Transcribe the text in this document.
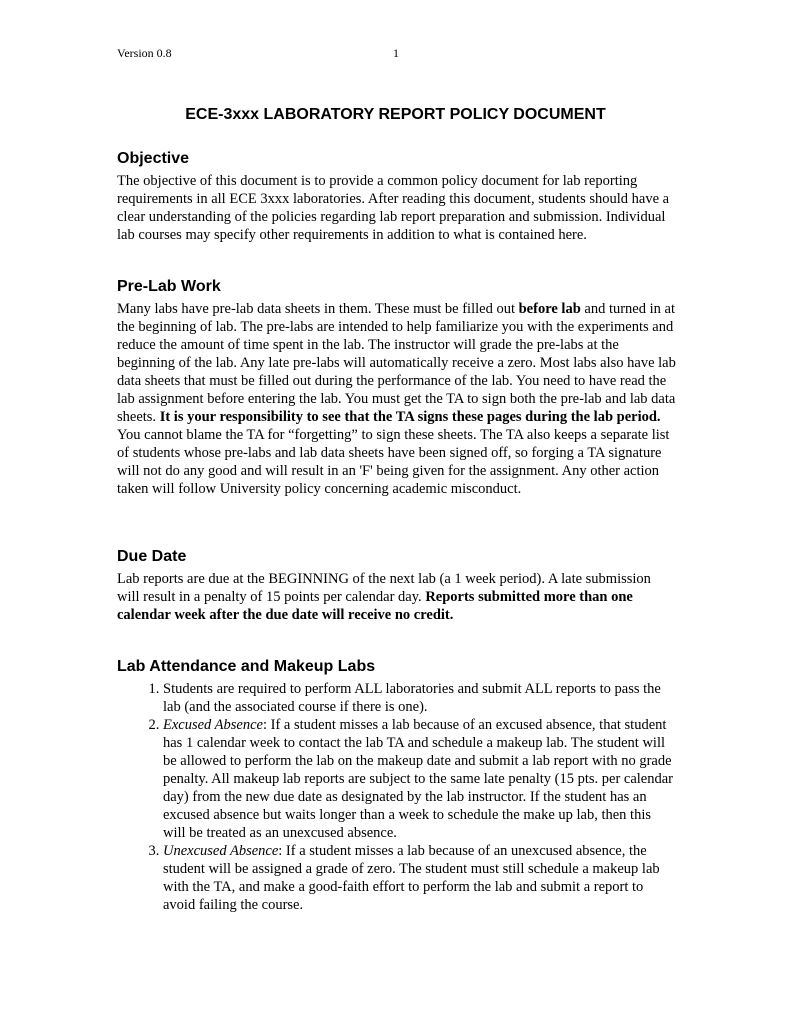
Version 0.8	1
ECE-3xxx LABORATORY REPORT POLICY DOCUMENT
Objective

The objective of this document is to provide a common policy document for lab reporting requirements in all ECE 3xxx laboratories. After reading this document, students should have a clear understanding of the policies regarding lab report preparation and submission. Individual lab courses may specify other requirements in addition to what is contained here.

Pre-Lab Work

Many labs have pre-lab data sheets in them. These must be filled out before lab and turned in at the beginning of lab. The pre-labs are intended to help familiarize you with the experiments and reduce the amount of time spent in the lab. The instructor will grade the pre-labs at the beginning of the lab. Any late pre-labs will automatically receive a zero. Most labs also have lab data sheets that must be filled out during the performance of the lab. You need to have read the lab assignment before entering the lab. You must get the TA to sign both the pre-lab and lab data sheets. It is your responsibility to see that the TA signs these pages during the lab period. You cannot blame the TA for “forgetting” to sign these sheets. The TA also keeps a separate list of students whose pre-labs and lab data sheets have been signed off, so forging a TA signature will not do any good and will result in an 'F' being given for the assignment. Any other action taken will follow University policy concerning academic misconduct.

Due Date

Lab reports are due at the BEGINNING of the next lab (a 1 week period). A late submission will result in a penalty of 15 points per calendar day. Reports submitted more than one calendar week after the due date will receive no credit.

Lab Attendance and Makeup Labs
1. Students are required to perform ALL laboratories and submit ALL reports to pass the lab (and the associated course if there is one).
2. Excused Absence: If a student misses a lab because of an excused absence, that student has 1 calendar week to contact the lab TA and schedule a makeup lab. The student will be allowed to perform the lab on the makeup date and submit a lab report with no grade penalty. All makeup lab reports are subject to the same late penalty (15 pts. per calendar day) from the new due date as designated by the lab instructor. If the student has an excused absence but waits longer than a week to schedule the make up lab, then this will be treated as an unexcused absence.
3. Unexcused Absence: If a student misses a lab because of an unexcused absence, the student will be assigned a grade of zero. The student must still schedule a makeup lab with the TA, and make a good-faith effort to perform the lab and submit a report to avoid failing the course.
